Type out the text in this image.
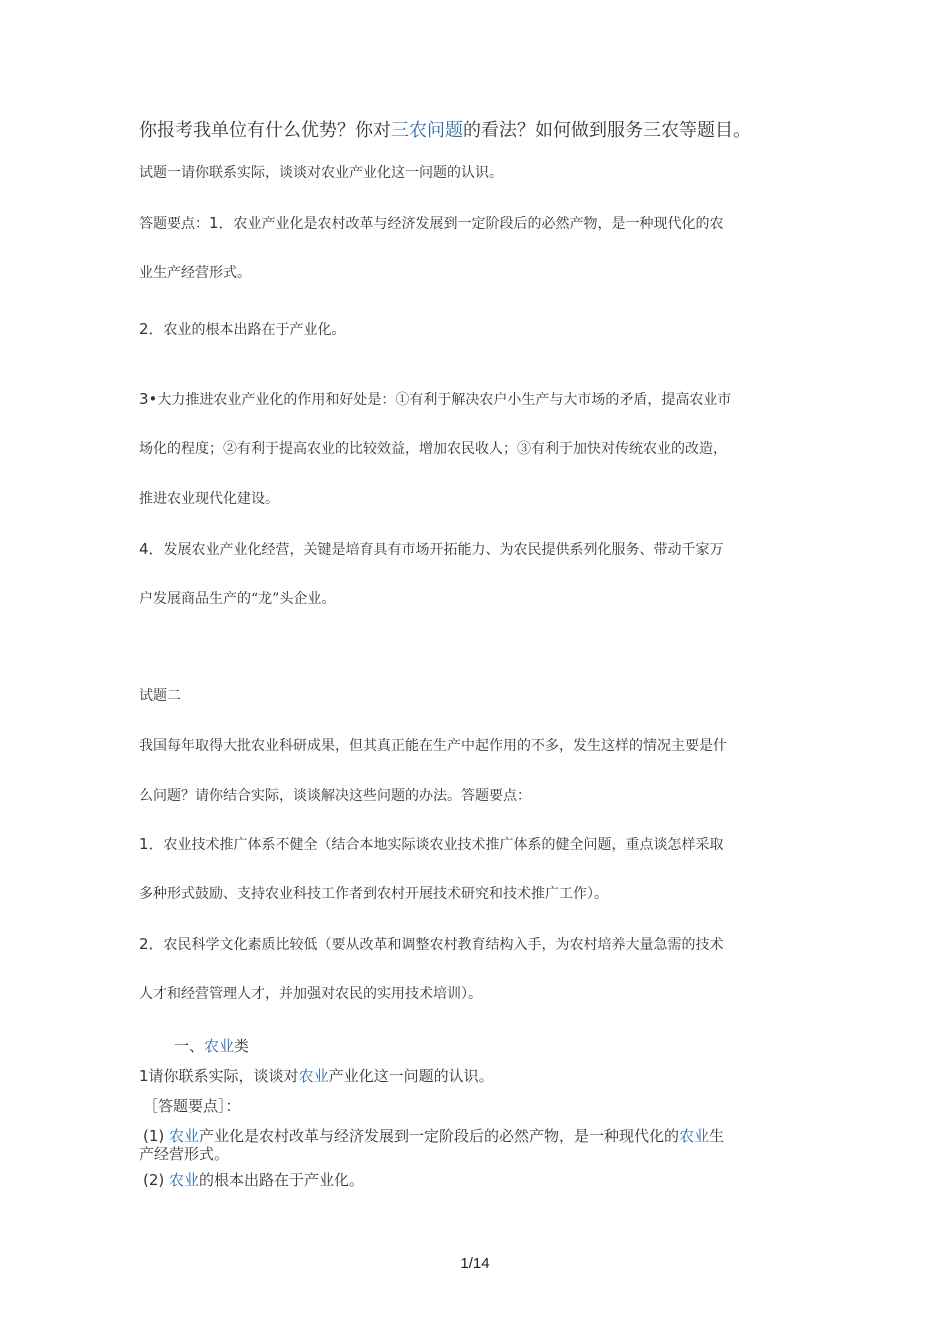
你报考我单位有什么优势？你对三农问题的看法？如何做到服务三农等题目。
试题一请你联系实际，谈谈对农业产业化这一问题的认识。
答题要点：1．农业产业化是农村改革与经济发展到一定阶段后的必然产物，是一种现代化的农
业生产经营形式。
2．农业的根本出路在于产业化。
3•大力推进农业产业化的作用和好处是：①有利于解决农户小生产与大市场的矛盾，提高农业市
场化的程度；②有利于提高农业的比较效益，增加农民收人；③有利于加快对传统农业的改造，
推进农业现代化建设。
4．发展农业产业化经营，关键是培育具有市场开拓能力、为农民提供系列化服务、带动千家万
户发展商品生产的“龙”头企业。
试题二
我国每年取得大批农业科研成果，但其真正能在生产中起作用的不多，发生这样的情况主要是什
么问题？请你结合实际，谈谈解决这些问题的办法。答题要点：
1．农业技术推广体系不健全（结合本地实际谈农业技术推广体系的健全问题，重点谈怎样采取
多种形式鼓励、支持农业科技工作者到农村开展技术研究和技术推广工作）。
2．农民科学文化素质比较低（要从改革和调整农村教育结构入手，为农村培养大量急需的技术
人才和经营管理人才，并加强对农民的实用技术培训）。
一、农业类
1请你联系实际，谈谈对农业产业化这一问题的认识。
［答题要点］：
(1) 农业产业化是农村改革与经济发展到一定阶段后的必然产物，是一种现代化的农业生
产经营形式。
(2) 农业的根本出路在于产业化。
1/14
